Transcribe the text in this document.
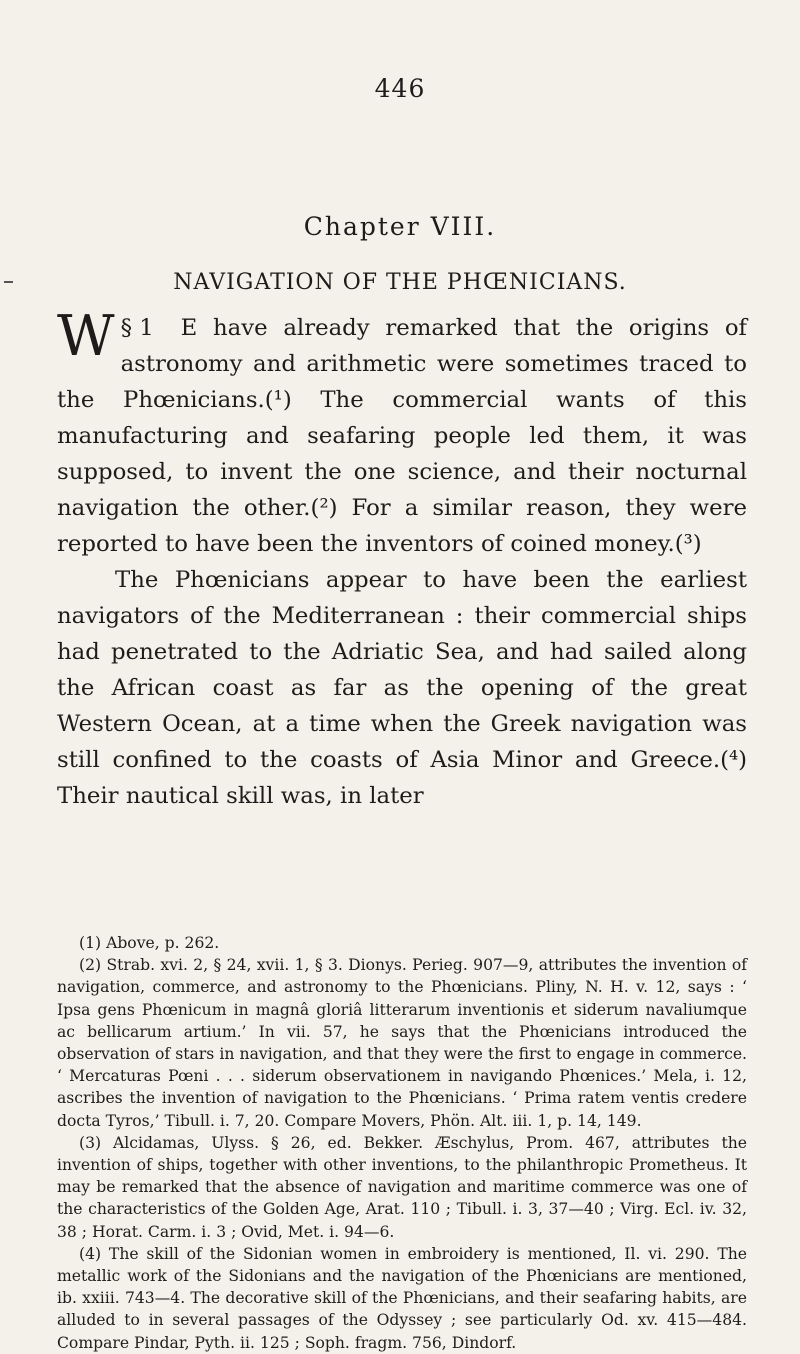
446
Chapter VIII.
NAVIGATION OF THE PHŒNICIANS.

§ 1
W	E have already remarked that the origins of astronomy and arithmetic were sometimes traced to the Phœnicians.(¹) The commercial wants of this manufacturing and seafaring people led them, it was supposed, to invent the one science, and their nocturnal navigation the other.(²) For a similar reason, they were reported to have been the inventors of coined money.(³)

The Phœnicians appear to have been the earliest navigators of the Mediterranean : their commercial ships had penetrated to the Adriatic Sea, and had sailed along the African coast as far as the opening of the great Western Ocean, at a time when the Greek navigation was still confined to the coasts of Asia Minor and Greece.(⁴) Their nautical skill was, in later

(1) Above, p. 262.

(2) Strab. xvi. 2, § 24, xvii. 1, § 3. Dionys. Perieg. 907—9, attributes the invention of navigation, commerce, and astronomy to the Phœnicians. Pliny, N. H. v. 12, says : ‘ Ipsa gens Phœnicum in magnâ gloriâ litterarum inventionis et siderum navaliumque ac bellicarum artium.’ In vii. 57, he says that the Phœnicians introduced the observation of stars in navigation, and that they were the first to engage in commerce. ‘ Mercaturas Pœni . . . siderum observationem in navigando Phœnices.’ Mela, i. 12, ascribes the invention of navigation to the Phœnicians. ‘ Prima ratem ventis credere docta Tyros,’ Tibull. i. 7, 20. Compare Movers, Phön. Alt. iii. 1, p. 14, 149.

(3) Alcidamas, Ulyss. § 26, ed. Bekker. Æschylus, Prom. 467, attributes the invention of ships, together with other inventions, to the philanthropic Prometheus. It may be remarked that the absence of navigation and maritime commerce was one of the characteristics of the Golden Age, Arat. 110 ; Tibull. i. 3, 37—40 ; Virg. Ecl. iv. 32, 38 ; Horat. Carm. i. 3 ; Ovid, Met. i. 94—6.

(4) The skill of the Sidonian women in embroidery is mentioned, Il. vi. 290. The metallic work of the Sidonians and the navigation of the Phœnicians are mentioned, ib. xxiii. 743—4. The decorative skill of the Phœnicians, and their seafaring habits, are alluded to in several passages of the Odyssey ; see particularly Od. xv. 415—484. Compare Pindar, Pyth. ii. 125 ; Soph. fragm. 756, Dindorf.
